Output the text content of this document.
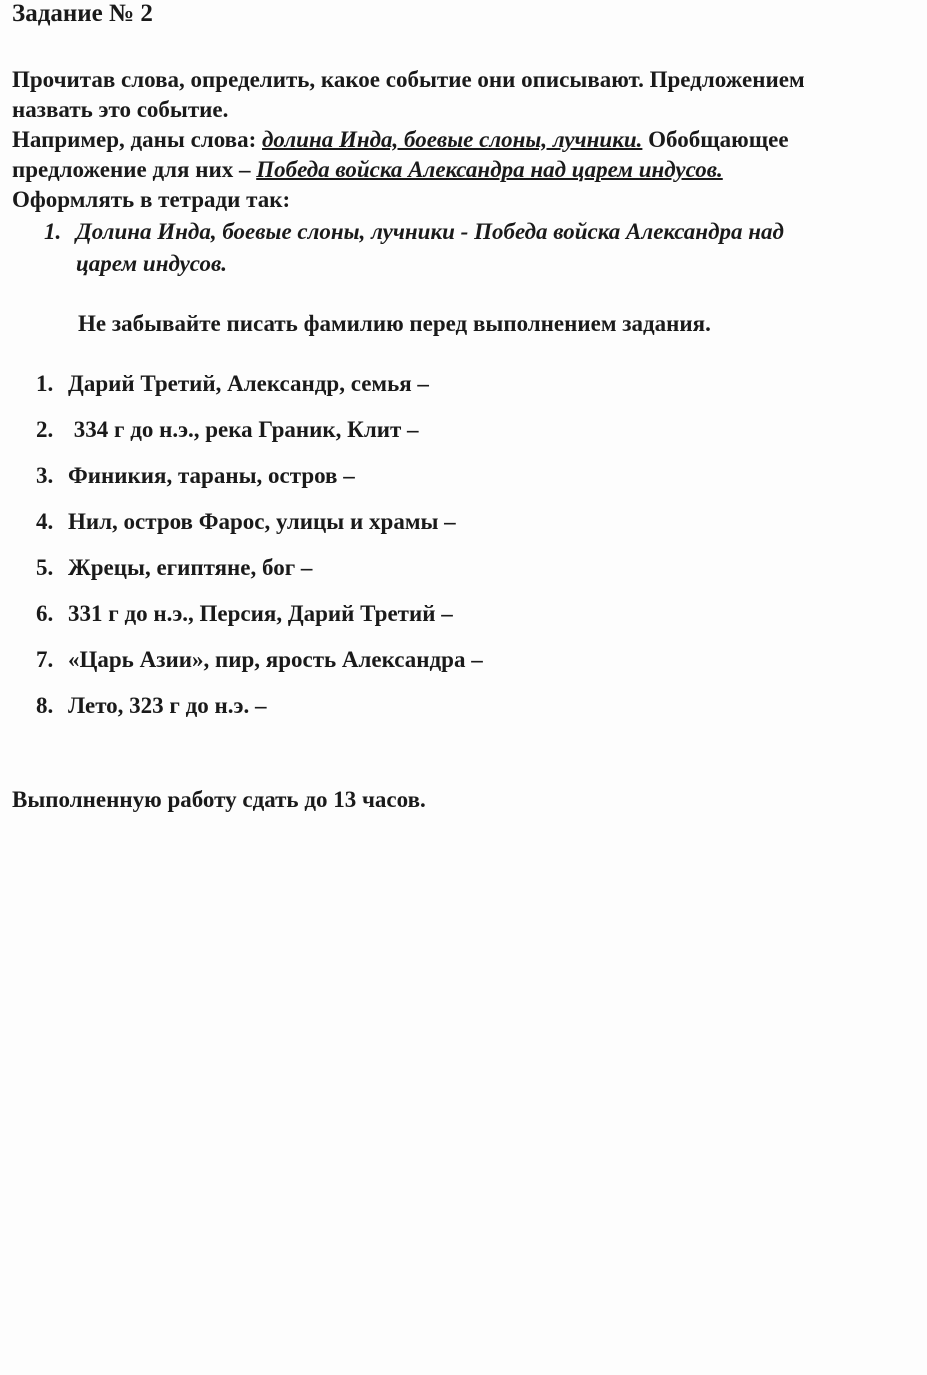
Задание № 2
Прочитав слова, определить, какое событие они описывают. Предложением
назвать это событие.
Например, даны слова: долина Инда, боевые слоны, лучники. Обобщающее
предложение для них – Победа войска Александра над царем индусов.
Оформлять в тетради так:
1. Долина Инда, боевые слоны, лучники - Победа войска Александра над
царем индусов.
Не забывайте писать фамилию перед выполнением задания.
1. Дарий Третий, Александр, семья –
2. 334 г до н.э., река Граник, Клит –
3. Финикия, тараны, остров –
4. Нил, остров Фарос, улицы и храмы –
5. Жрецы, египтяне, бог –
6. 331 г до н.э., Персия, Дарий Третий –
7. «Царь Азии», пир, ярость Александра –
8. Лето, 323 г до н.э. –
Выполненную работу сдать до 13 часов.
